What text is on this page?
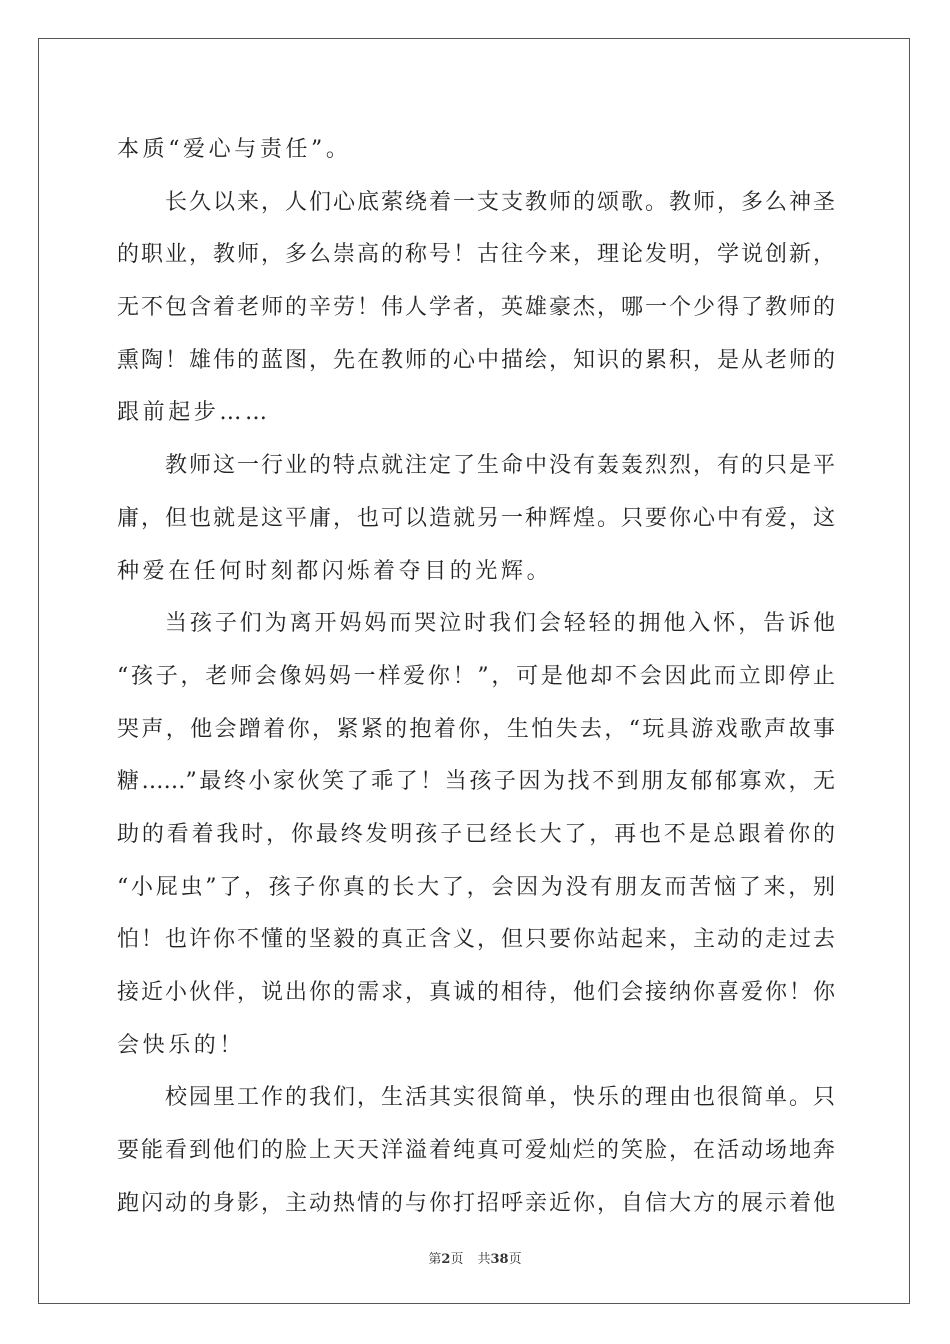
本质“爱心与责任”。
长久以来，人们心底萦绕着一支支教师的颂歌。教师，多么神圣
的职业，教师，多么崇高的称号！古往今来，理论发明，学说创新，
无不包含着老师的辛劳！伟人学者，英雄豪杰，哪一个少得了教师的
熏陶！雄伟的蓝图，先在教师的心中描绘，知识的累积，是从老师的
跟前起步……
教师这一行业的特点就注定了生命中没有轰轰烈烈，有的只是平
庸，但也就是这平庸，也可以造就另一种辉煌。只要你心中有爱，这
种爱在任何时刻都闪烁着夺目的光辉。
当孩子们为离开妈妈而哭泣时我们会轻轻的拥他入怀，告诉他
“孩子，老师会像妈妈一样爱你！”，可是他却不会因此而立即停止
哭声，他会蹭着你，紧紧的抱着你，生怕失去，“玩具游戏歌声故事
糖……”最终小家伙笑了乖了！当孩子因为找不到朋友郁郁寡欢，无
助的看着我时，你最终发明孩子已经长大了，再也不是总跟着你的
“小屁虫”了，孩子你真的长大了，会因为没有朋友而苦恼了来，别
怕！也许你不懂的坚毅的真正含义，但只要你站起来，主动的走过去
接近小伙伴，说出你的需求，真诚的相待，他们会接纳你喜爱你！你
会快乐的！
校园里工作的我们，生活其实很简单，快乐的理由也很简单。只
要能看到他们的脸上天天洋溢着纯真可爱灿烂的笑脸，在活动场地奔
跑闪动的身影，主动热情的与你打招呼亲近你，自信大方的展示着他
第2页 共38页
